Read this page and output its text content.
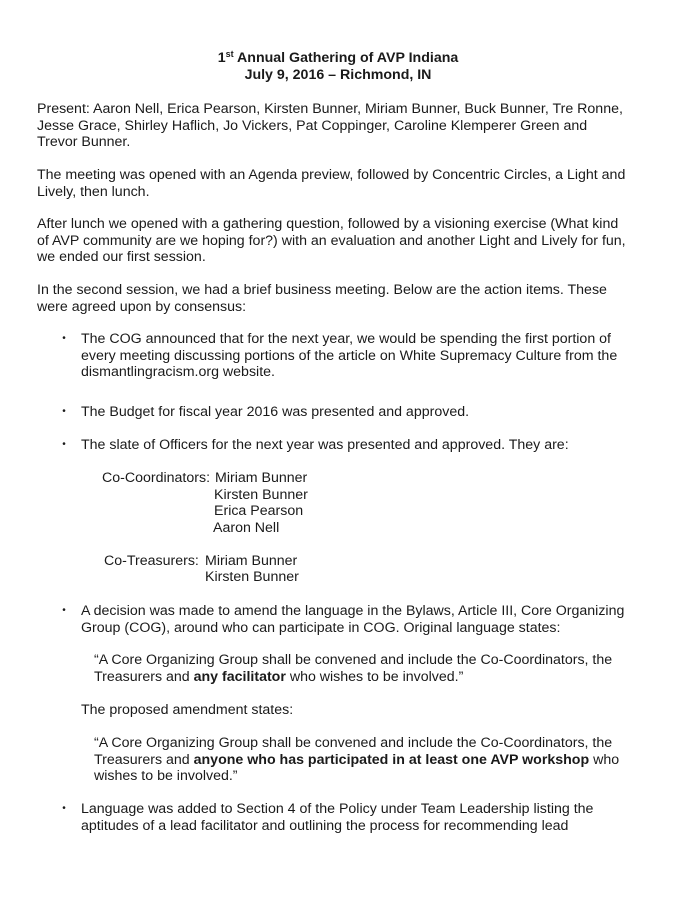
1st Annual Gathering of AVP Indiana
July 9, 2016 – Richmond, IN
Present: Aaron Nell, Erica Pearson, Kirsten Bunner, Miriam Bunner, Buck Bunner, Tre Ronne,
Jesse Grace, Shirley Haflich, Jo Vickers, Pat Coppinger, Caroline Klemperer Green and
Trevor Bunner.
The meeting was opened with an Agenda preview, followed by Concentric Circles, a Light and
Lively, then lunch.
After lunch we opened with a gathering question, followed by a visioning exercise (What kind
of AVP community are we hoping for?) with an evaluation and another Light and Lively for fun,
we ended our first session.
In the second session, we had a brief business meeting. Below are the action items. These
were agreed upon by consensus:
•	The COG announced that for the next year, we would be spending the first portion of
every meeting discussing portions of the article on White Supremacy Culture from the
dismantlingracism.org website.
•	The Budget for fiscal year 2016 was presented and approved.
•	The slate of Officers for the next year was presented and approved. They are:
Co-Coordinators: Miriam Bunner
Kirsten Bunner
Erica Pearson
Aaron Nell
Co-Treasurers: Miriam Bunner
Kirsten Bunner
•	A decision was made to amend the language in the Bylaws, Article III, Core Organizing
Group (COG), around who can participate in COG. Original language states:
“A Core Organizing Group shall be convened and include the Co-Coordinators, the
Treasurers and any facilitator who wishes to be involved.”
The proposed amendment states:
“A Core Organizing Group shall be convened and include the Co-Coordinators, the
Treasurers and anyone who has participated in at least one AVP workshop who
wishes to be involved.”
•	Language was added to Section 4 of the Policy under Team Leadership listing the
aptitudes of a lead facilitator and outlining the process for recommending lead
